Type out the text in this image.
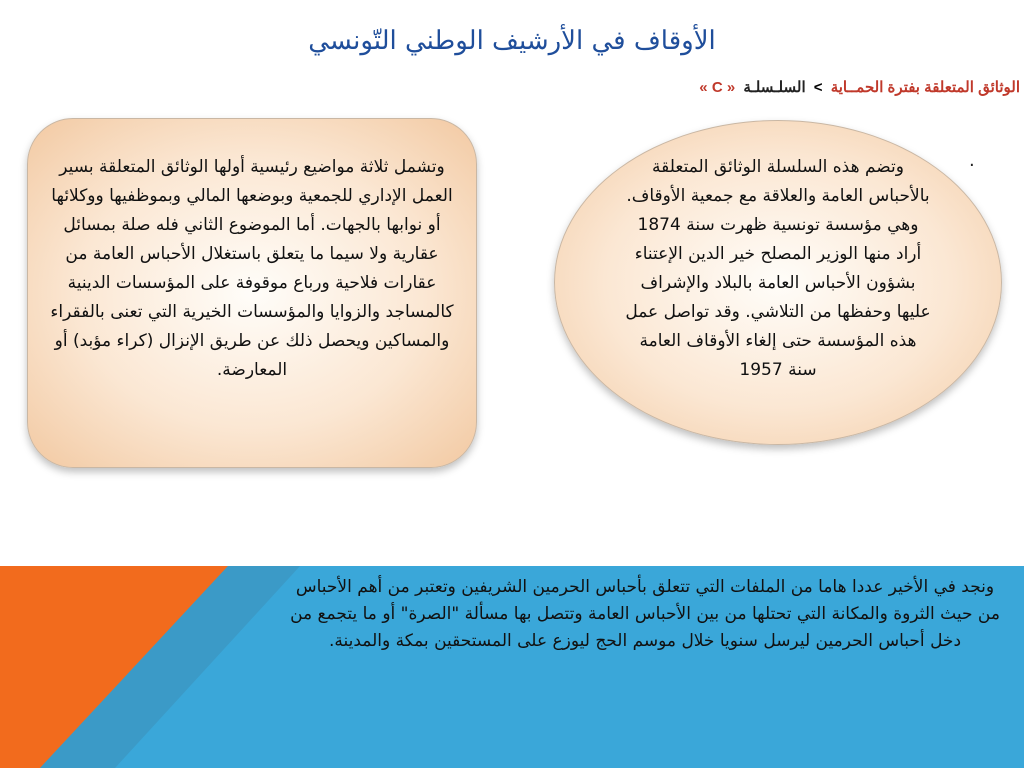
الأوقاف في الأرشيف الوطني التّونسي
الوثائق المتعلقة بفترة الحمــاية > السلـسلـة « C »
وتشمل ثلاثة مواضيع رئيسية أولها الوثائق المتعلقة بسير العمل الإداري للجمعية وبوضعها المالي وبموظفيها ووكلائها أو نوابها بالجهات. أما الموضوع الثاني فله صلة بمسائل عقارية ولا سيما ما يتعلق باستغلال الأحباس العامة من عقارات فلاحية ورباع موقوفة على المؤسسات الدينية كالمساجد والزوايا والمؤسسات الخيرية التي تعنى بالفقراء والمساكين ويحصل ذلك عن طريق الإنزال (كراء مؤبد) أو المعارضة.
وتضم هذه السلسلة الوثائق المتعلقة بالأحباس العامة والعلاقة مع جمعية الأوقاف. وهي مؤسسة تونسية ظهرت سنة 1874 أراد منها الوزير المصلح خير الدين الإعتناء بشؤون الأحباس العامة بالبلاد والإشراف عليها وحفظها من التلاشي. وقد تواصل عمل هذه المؤسسة حتى إلغاء الأوقاف العامة سنة 1957
.
ونجد في الأخير عددا هاما من الملفات التي تتعلق بأحباس الحرمين الشريفين وتعتبر من أهم الأحباس من حيث الثروة والمكانة التي تحتلها من بين الأحباس العامة وتتصل بها مسألة "الصرة" أو ما يتجمع من دخل أحباس الحرمين ليرسل سنويا خلال موسم الحج ليوزع على المستحقين بمكة والمدينة.
